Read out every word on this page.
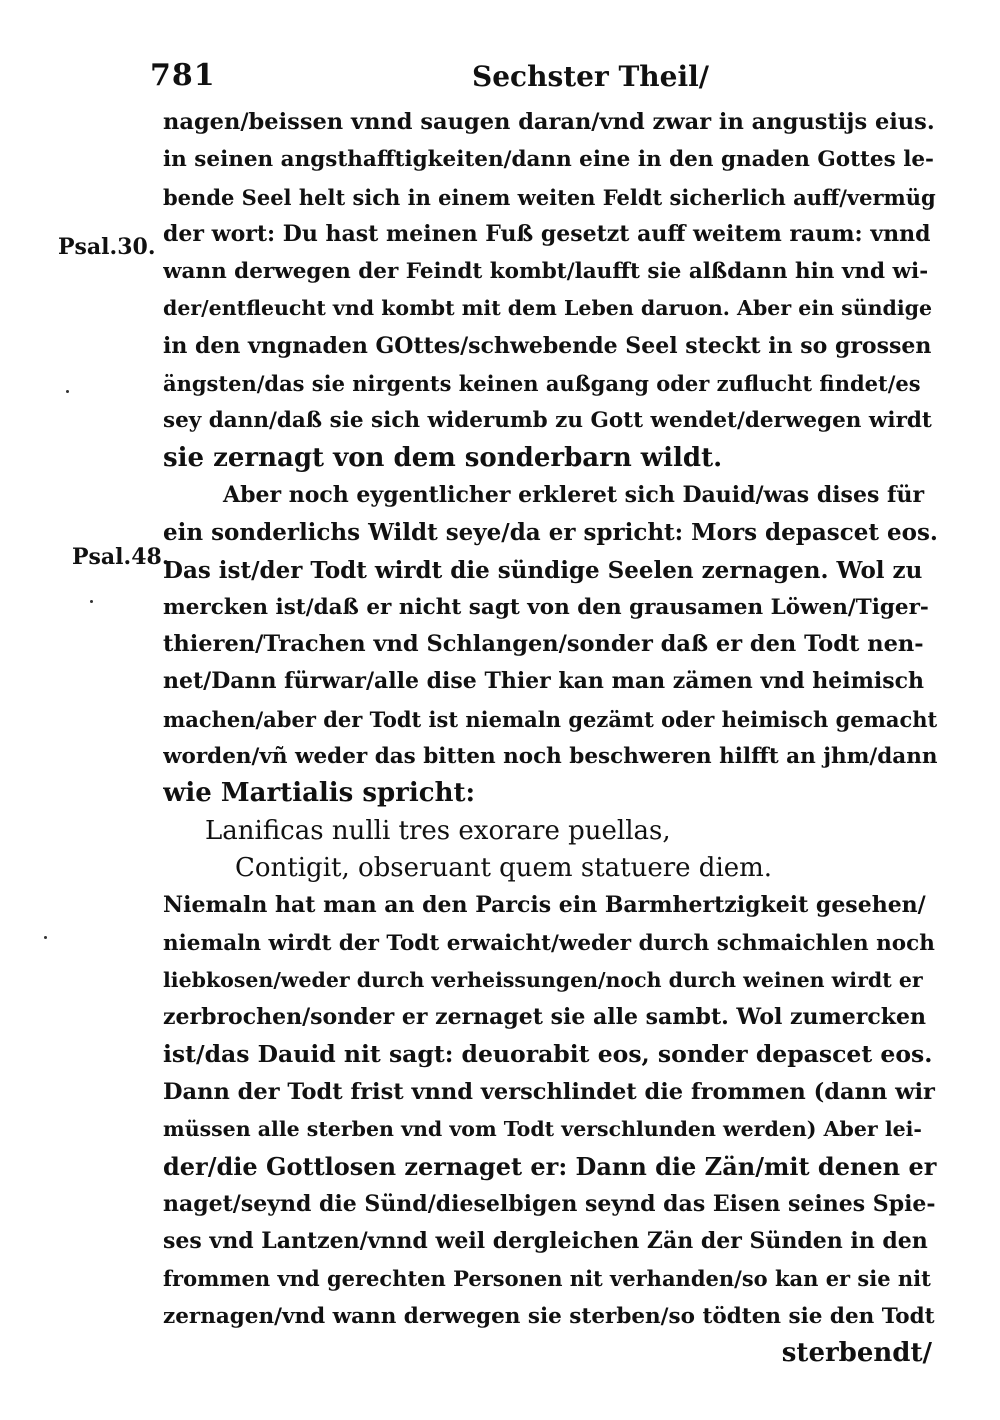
781	Sechster Theil/
Psal.30.
Psal.48.
nagen/beissen vnnd saugen daran/vnd zwar in angustijs eius.
in seinen angsthafftigkeiten/dann eine in den gnaden Gottes le-
bende Seel helt sich in einem weiten Feldt sicherlich auff/vermüg
der wort: Du hast meinen Fuß gesetzt auff weitem raum: vnnd
wann derwegen der Feindt kombt/laufft sie alßdann hin vnd wi-
der/entfleucht vnd kombt mit dem Leben daruon. Aber ein sündige
in den vngnaden GOttes/schwebende Seel steckt in so grossen
ängsten/das sie nirgents keinen außgang oder zuflucht findet/es
sey dann/daß sie sich widerumb zu Gott wendet/derwegen wirdt
sie zernagt von dem sonderbarn wildt.
Aber noch eygentlicher erkleret sich Dauid/was dises für
ein sonderlichs Wildt seye/da er spricht: Mors depascet eos.
Das ist/der Todt wirdt die sündige Seelen zernagen. Wol zu
mercken ist/daß er nicht sagt von den grausamen Löwen/Tiger-
thieren/Trachen vnd Schlangen/sonder daß er den Todt nen-
net/Dann fürwar/alle dise Thier kan man zämen vnd heimisch
machen/aber der Todt ist niemaln gezämt oder heimisch gemacht
worden/vñ weder das bitten noch beschweren hilfft an jhm/dann
wie Martialis spricht:
Lanificas nulli tres exorare puellas,
Contigit, obseruant quem statuere diem.
Niemaln hat man an den Parcis ein Barmhertzigkeit gesehen/
niemaln wirdt der Todt erwaicht/weder durch schmaichlen noch
liebkosen/weder durch verheissungen/noch durch weinen wirdt er
zerbrochen/sonder er zernaget sie alle sambt. Wol zumercken
ist/das Dauid nit sagt: deuorabit eos, sonder depascet eos.
Dann der Todt frist vnnd verschlindet die frommen (dann wir
müssen alle sterben vnd vom Todt verschlunden werden) Aber lei-
der/die Gottlosen zernaget er: Dann die Zän/mit denen er
naget/seynd die Sünd/dieselbigen seynd das Eisen seines Spie-
ses vnd Lantzen/vnnd weil dergleichen Zän der Sünden in den
frommen vnd gerechten Personen nit verhanden/so kan er sie nit
zernagen/vnd wann derwegen sie sterben/so tödten sie den Todt
sterbendt/
